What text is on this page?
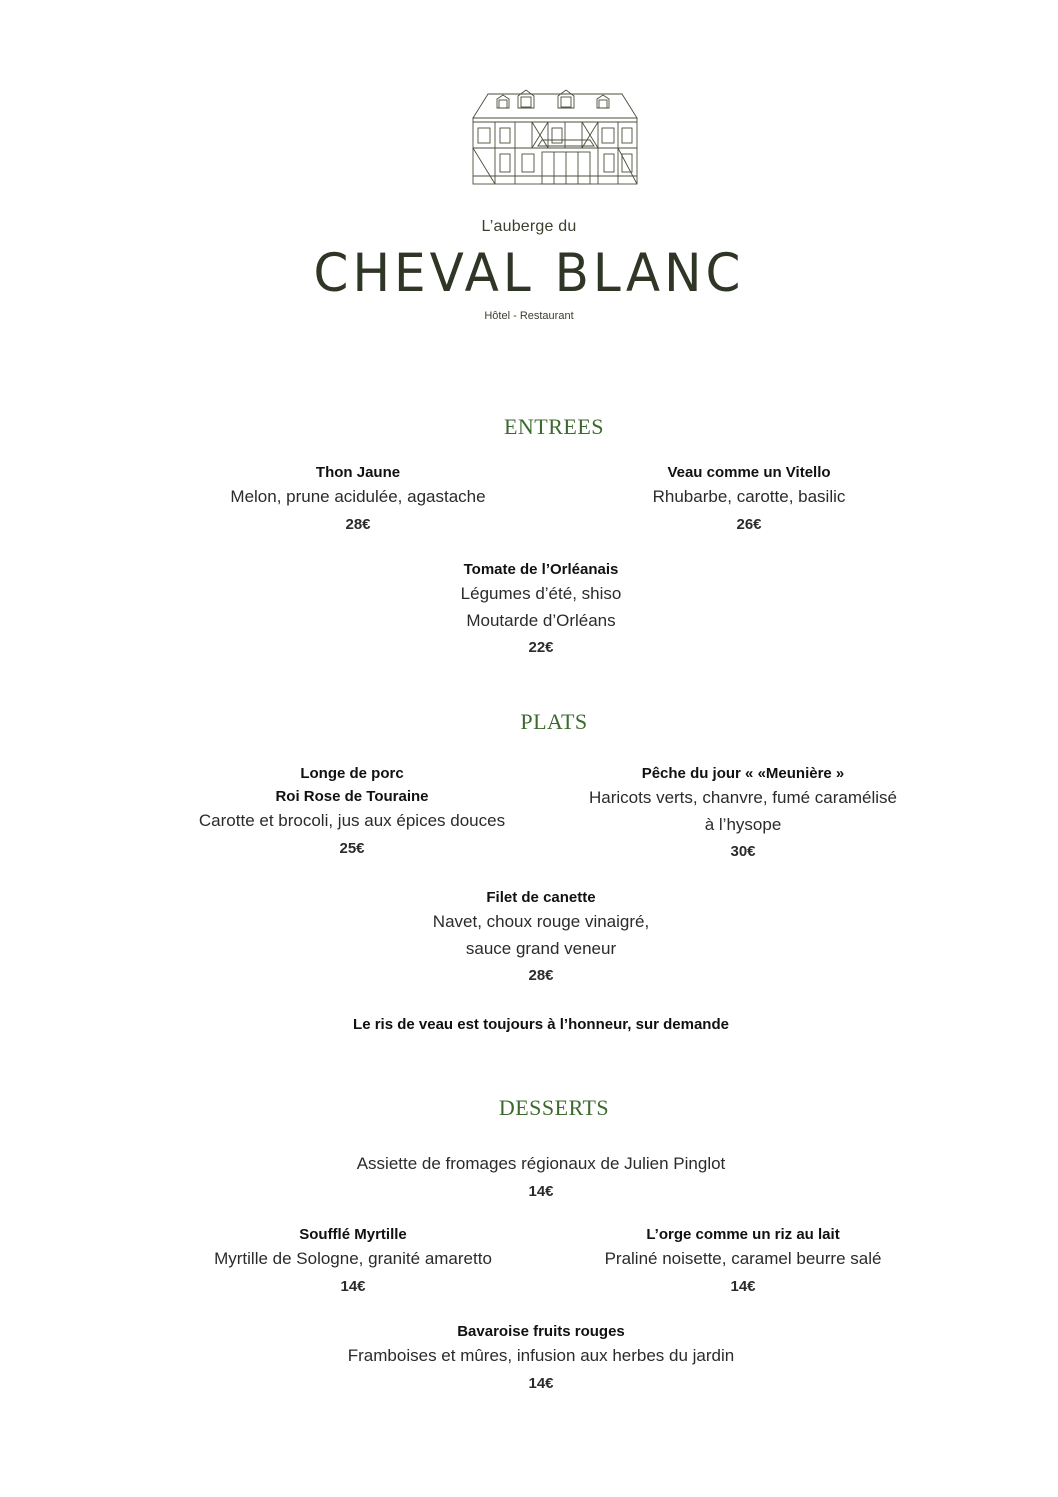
L’auberge du
CHEVAL BLANC
Hôtel - Restaurant
ENTREES
Thon Jaune
Melon, prune acidulée, agastache
28€
Veau comme un Vitello
Rhubarbe, carotte, basilic
26€
Tomate de l’Orléanais
Légumes d’été, shiso
Moutarde d’Orléans
22€
PLATS
Longe de porc
Roi Rose de Touraine
Carotte et brocoli, jus aux épices douces
25€
Pêche du jour « «Meunière »
Haricots verts, chanvre, fumé caramélisé
à l’hysope
30€
Filet de canette
Navet, choux rouge vinaigré,
sauce grand veneur
28€
Le ris de veau est toujours à l’honneur, sur demande
DESSERTS
Assiette de fromages régionaux de Julien Pinglot
14€
Soufflé Myrtille
Myrtille de Sologne, granité amaretto
14€
L’orge comme un riz au lait
Praliné noisette, caramel beurre salé
14€
Bavaroise fruits rouges
Framboises et mûres, infusion aux herbes du jardin
14€
